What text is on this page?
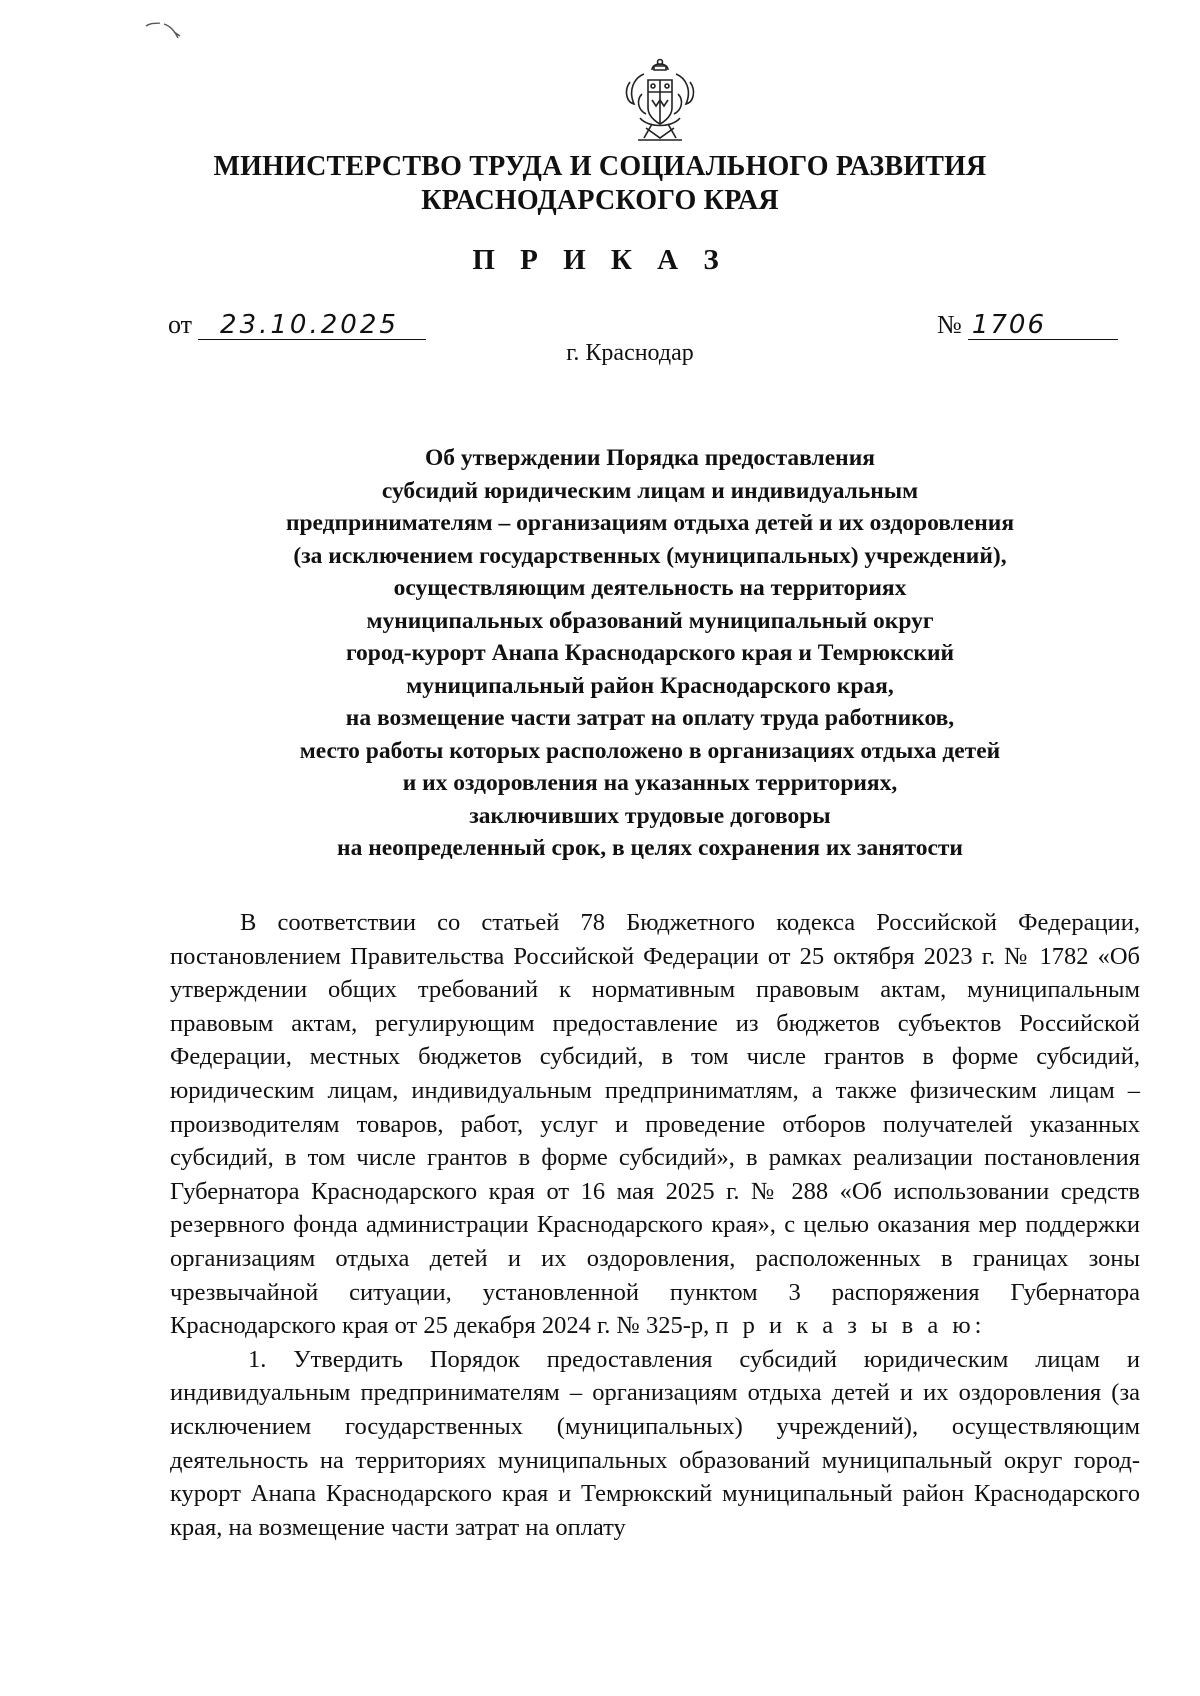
МИНИСТЕРСТВО ТРУДА И СОЦИАЛЬНОГО РАЗВИТИЯ
КРАСНОДАРСКОГО КРАЯ
П Р И К А З
от 23.10.2025	№ 1706
г. Краснодар
Об утверждении Порядка предоставления
субсидий юридическим лицам и индивидуальным
предпринимателям – организациям отдыха детей и их оздоровления
(за исключением государственных (муниципальных) учреждений),
осуществляющим деятельность на территориях
муниципальных образований муниципальный округ
город-курорт Анапа Краснодарского края и Темрюкский
муниципальный район Краснодарского края,
на возмещение части затрат на оплату труда работников,
место работы которых расположено в организациях отдыха детей
и их оздоровления на указанных территориях,
заключивших трудовые договоры
на неопределенный срок, в целях сохранения их занятости

В соответствии со статьей 78 Бюджетного кодекса Российской Федерации, постановлением Правительства Российской Федерации от 25 октября 2023 г. № 1782 «Об утверждении общих требований к нормативным правовым актам, муниципальным правовым актам, регулирующим предоставление из бюджетов субъектов Российской Федерации, местных бюджетов субсидий, в том числе грантов в форме субсидий, юридическим лицам, индивидуальным предприниматлям, а также физическим лицам – производителям товаров, работ, услуг и проведение отборов получателей указанных субсидий, в том числе грантов в форме субсидий», в рамках реализации постановления Губернатора Краснодарского края от 16 мая 2025 г. № 288 «Об использовании средств резервного фонда администрации Краснодарского края», с целью оказания мер поддержки организациям отдыха детей и их оздоровления, расположенных в границах зоны чрезвычайной ситуации, установленной пунктом 3 распоряжения Губернатора Краснодарского края от 25 декабря 2024 г. № 325-р, п р и к а з ы в а ю:

1. Утвердить Порядок предоставления субсидий юридическим лицам и индивидуальным предпринимателям – организациям отдыха детей и их оздоровления (за исключением государственных (муниципальных) учреждений), осуществляющим деятельность на территориях муниципальных образований муниципальный округ город-курорт Анапа Краснодарского края и Темрюкский муниципальный район Краснодарского края, на возмещение части затрат на оплату
